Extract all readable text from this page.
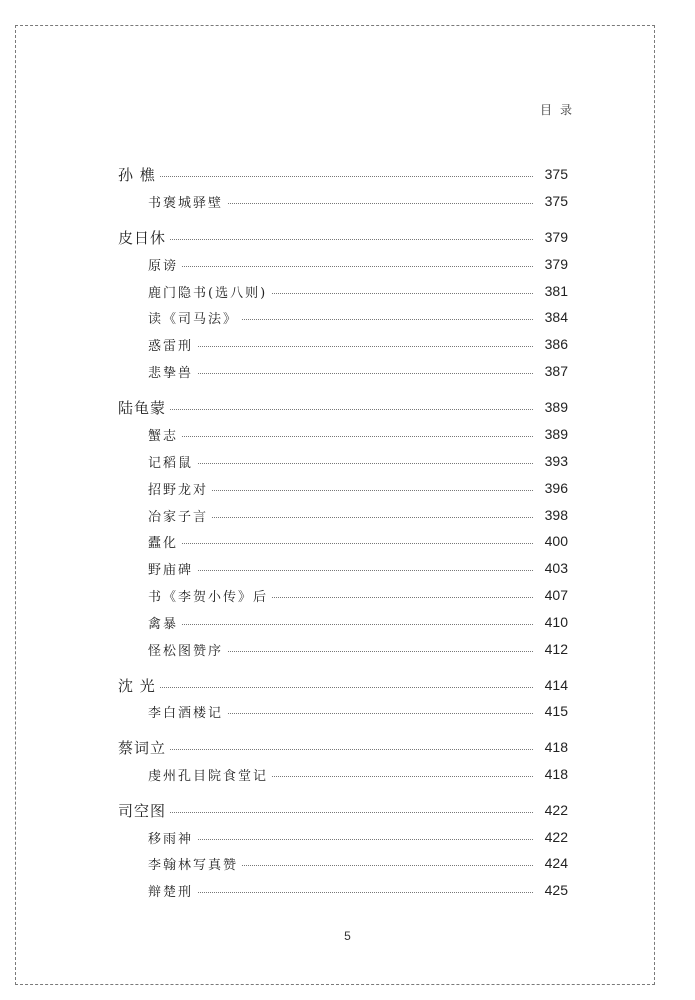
目录
孙 樵	375
书褒城驿壁	375
皮日休	379
原谤	379
鹿门隐书(选八则)	381
读《司马法》	384
惑雷刑	386
悲挚兽	387
陆龟蒙	389
蟹志	389
记稻鼠	393
招野龙对	396
冶家子言	398
蠹化	400
野庙碑	403
书《李贺小传》后	407
禽暴	410
怪松图赞序	412
沈 光	414
李白酒楼记	415
蔡词立	418
虔州孔目院食堂记	418
司空图	422
移雨神	422
李翰林写真赞	424
辩楚刑	425
5
